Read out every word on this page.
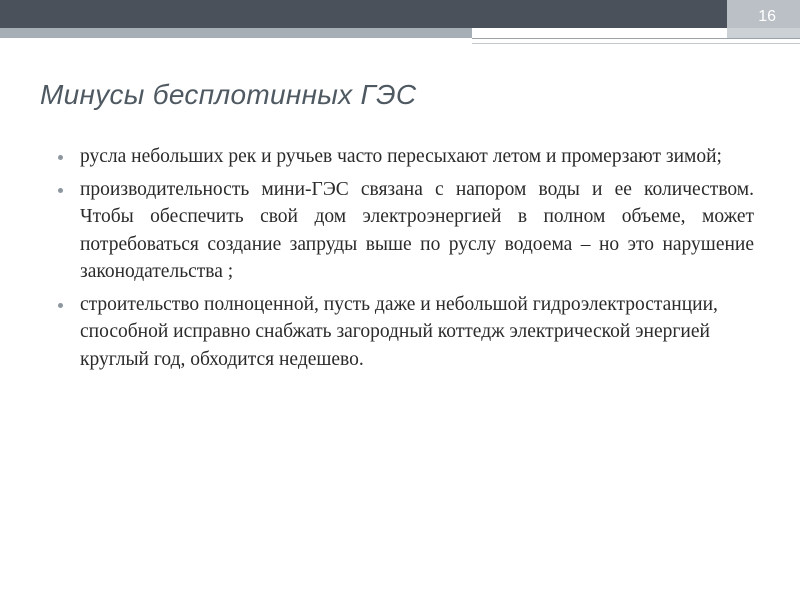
16
Минусы бесплотинных ГЭС
русла небольших рек и ручьев часто пересыхают летом и промерзают зимой;
производительность мини-ГЭС связана с напором воды и ее количеством. Чтобы обеспечить свой дом электроэнергией в полном объеме, может потребоваться создание запруды выше по руслу водоема – но это нарушение законодательства ;
строительство полноценной, пусть даже и небольшой гидроэлектростанции, способной исправно снабжать загородный коттедж электрической энергией круглый год, обходится недешево.
